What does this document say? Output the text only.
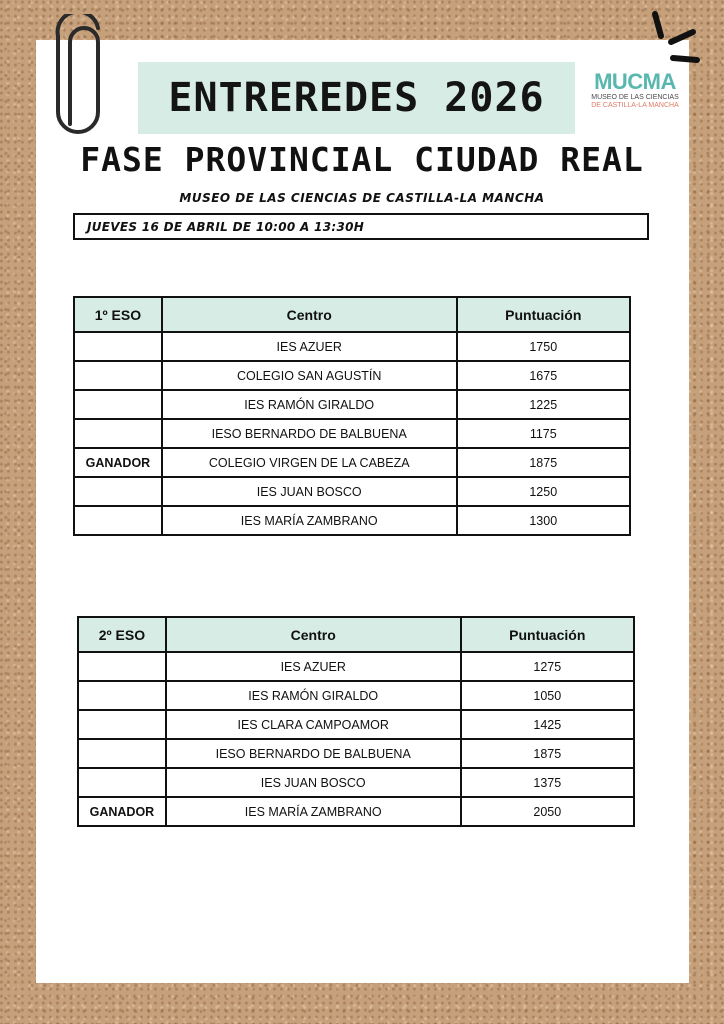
ENTREREDES 2026	MUCMA
MUSEO DE LAS CIENCIAS
DE CASTILLA-LA MANCHA
FASE PROVINCIAL CIUDAD REAL
MUSEO DE LAS CIENCIAS DE CASTILLA-LA MANCHA
JUEVES 16 DE ABRIL DE 10:00 A 13:30H
1º ESO	Centro	Puntuación
	IES AZUER	1750
	COLEGIO SAN AGUSTÍN	1675
	IES RAMÓN GIRALDO	1225
	IESO BERNARDO DE BALBUENA	1175
GANADOR	COLEGIO VIRGEN DE LA CABEZA	1875
	IES JUAN BOSCO	1250
	IES MARÍA ZAMBRANO	1300
2º ESO	Centro	Puntuación
	IES AZUER	1275
	IES RAMÓN GIRALDO	1050
	IES CLARA CAMPOAMOR	1425
	IESO BERNARDO DE BALBUENA	1875
	IES JUAN BOSCO	1375
GANADOR	IES MARÍA ZAMBRANO	2050
